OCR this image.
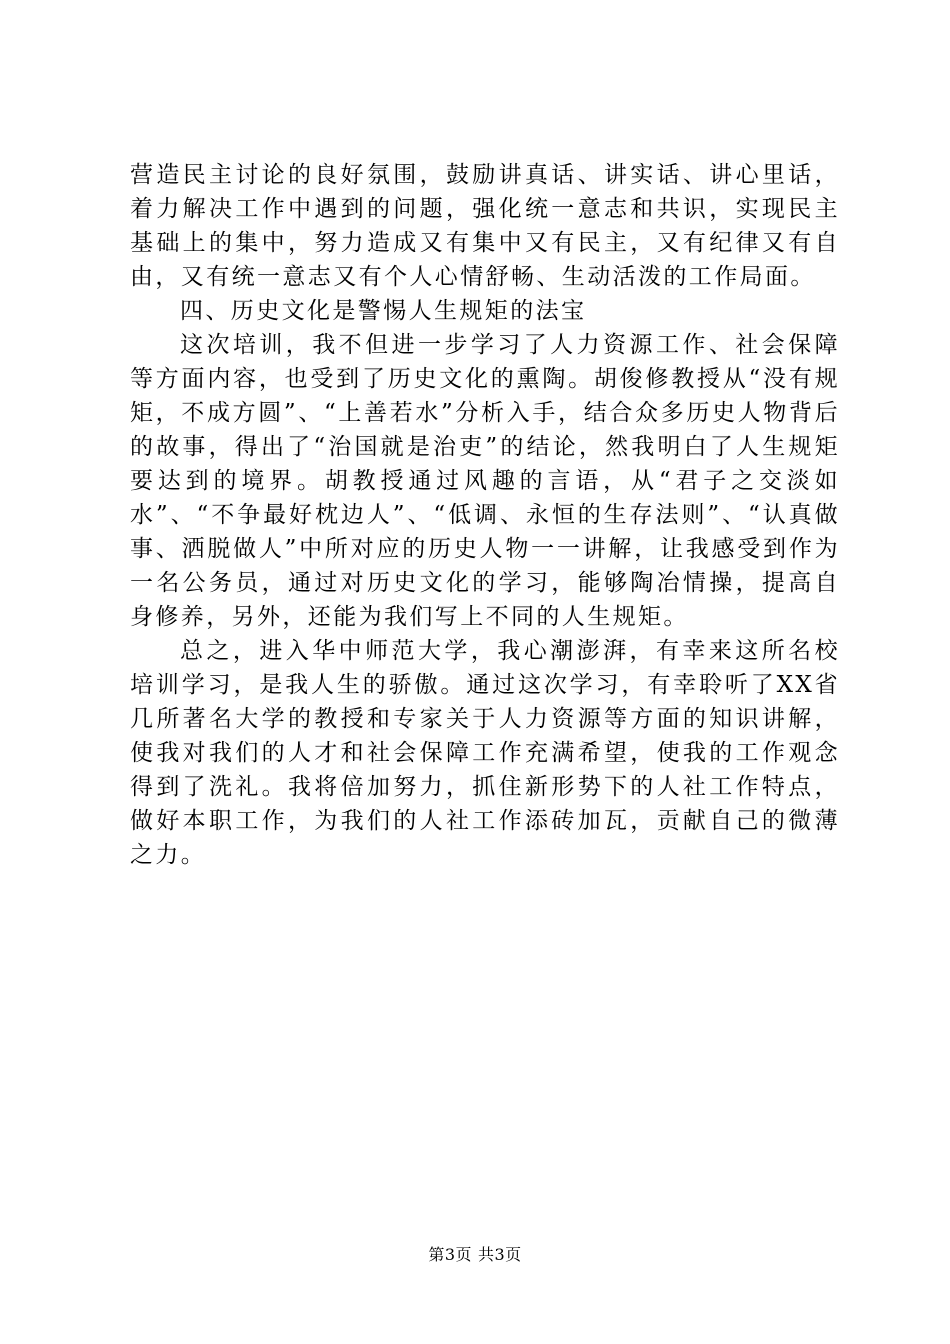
营造民主讨论的良好氛围，鼓励讲真话、讲实话、讲心里话，着力解决工作中遇到的问题，强化统一意志和共识，实现民主基础上的集中，努力造成又有集中又有民主，又有纪律又有自由，又有统一意志又有个人心情舒畅、生动活泼的工作局面。

四、历史文化是警惕人生规矩的法宝

这次培训，我不但进一步学习了人力资源工作、社会保障等方面内容，也受到了历史文化的熏陶。胡俊修教授从“没有规矩，不成方圆”、“上善若水”分析入手，结合众多历史人物背后的故事，得出了“治国就是治吏”的结论，然我明白了人生规矩要达到的境界。胡教授通过风趣的言语，从“君子之交淡如水”、“不争最好枕边人”、“低调、永恒的生存法则”、“认真做事、洒脱做人”中所对应的历史人物一一讲解，让我感受到作为一名公务员，通过对历史文化的学习，能够陶冶情操，提高自身修养，另外，还能为我们写上不同的人生规矩。

总之，进入华中师范大学，我心潮澎湃，有幸来这所名校培训学习，是我人生的骄傲。通过这次学习，有幸聆听了XX省几所著名大学的教授和专家关于人力资源等方面的知识讲解，使我对我们的人才和社会保障工作充满希望，使我的工作观念得到了洗礼。我将倍加努力，抓住新形势下的人社工作特点，做好本职工作，为我们的人社工作添砖加瓦，贡献自己的微薄之力。

第3页 共3页
